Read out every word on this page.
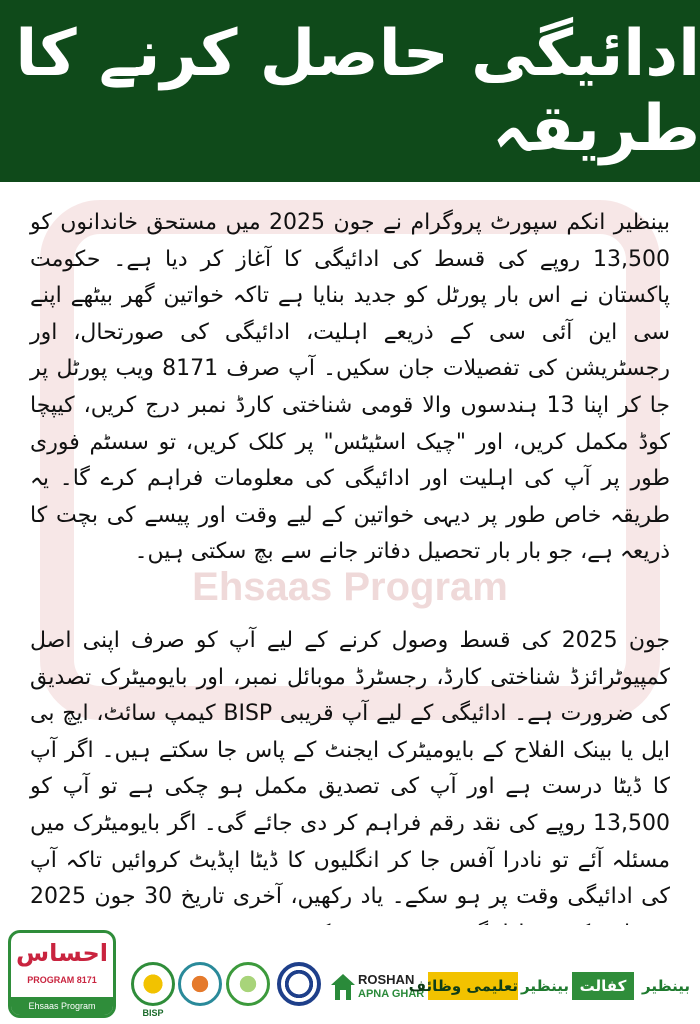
ادائیگی حاصل کرنے کا طریقہ
Ehsaas Program

بینظیر انکم سپورٹ پروگرام نے جون 2025 میں مستحق خاندانوں کو 13,500 روپے کی قسط کی ادائیگی کا آغاز کر دیا ہے۔ حکومت پاکستان نے اس بار پورٹل کو جدید بنایا ہے تاکہ خواتین گھر بیٹھے اپنے سی این آئی سی کے ذریعے اہلیت، ادائیگی کی صورتحال، اور رجسٹریشن کی تفصیلات جان سکیں۔ آپ صرف 8171 ویب پورٹل پر جا کر اپنا 13 ہندسوں والا قومی شناختی کارڈ نمبر درج کریں، کیپچا کوڈ مکمل کریں، اور "چیک اسٹیٹس" پر کلک کریں، تو سسٹم فوری طور پر آپ کی اہلیت اور ادائیگی کی معلومات فراہم کرے گا۔ یہ طریقہ خاص طور پر دیہی خواتین کے لیے وقت اور پیسے کی بچت کا ذریعہ ہے، جو بار بار تحصیل دفاتر جانے سے بچ سکتی ہیں۔

جون 2025 کی قسط وصول کرنے کے لیے آپ کو صرف اپنی اصل کمپیوٹرائزڈ شناختی کارڈ، رجسٹرڈ موبائل نمبر، اور بایومیٹرک تصدیق کی ضرورت ہے۔ ادائیگی کے لیے آپ قریبی BISP کیمپ سائٹ، ایچ بی ایل یا بینک الفلاح کے بایومیٹرک ایجنٹ کے پاس جا سکتے ہیں۔ اگر آپ کا ڈیٹا درست ہے اور آپ کی تصدیق مکمل ہو چکی ہے تو آپ کو 13,500 روپے کی نقد رقم فراہم کر دی جائے گی۔ اگر بایومیٹرک میں مسئلہ آئے تو نادرا آفس جا کر انگلیوں کا ڈیٹا اپڈیٹ کروائیں تاکہ آپ کی ادائیگی وقت پر ہو سکے۔ یاد رکھیں، آخری تاریخ 30 جون 2025

احساس
PROGRAM 8171
Ehsaas Program
BISP
ROSHAN
APNA GHAR
تعلیمی وظائف بینظیر کفالت	بینظیر
